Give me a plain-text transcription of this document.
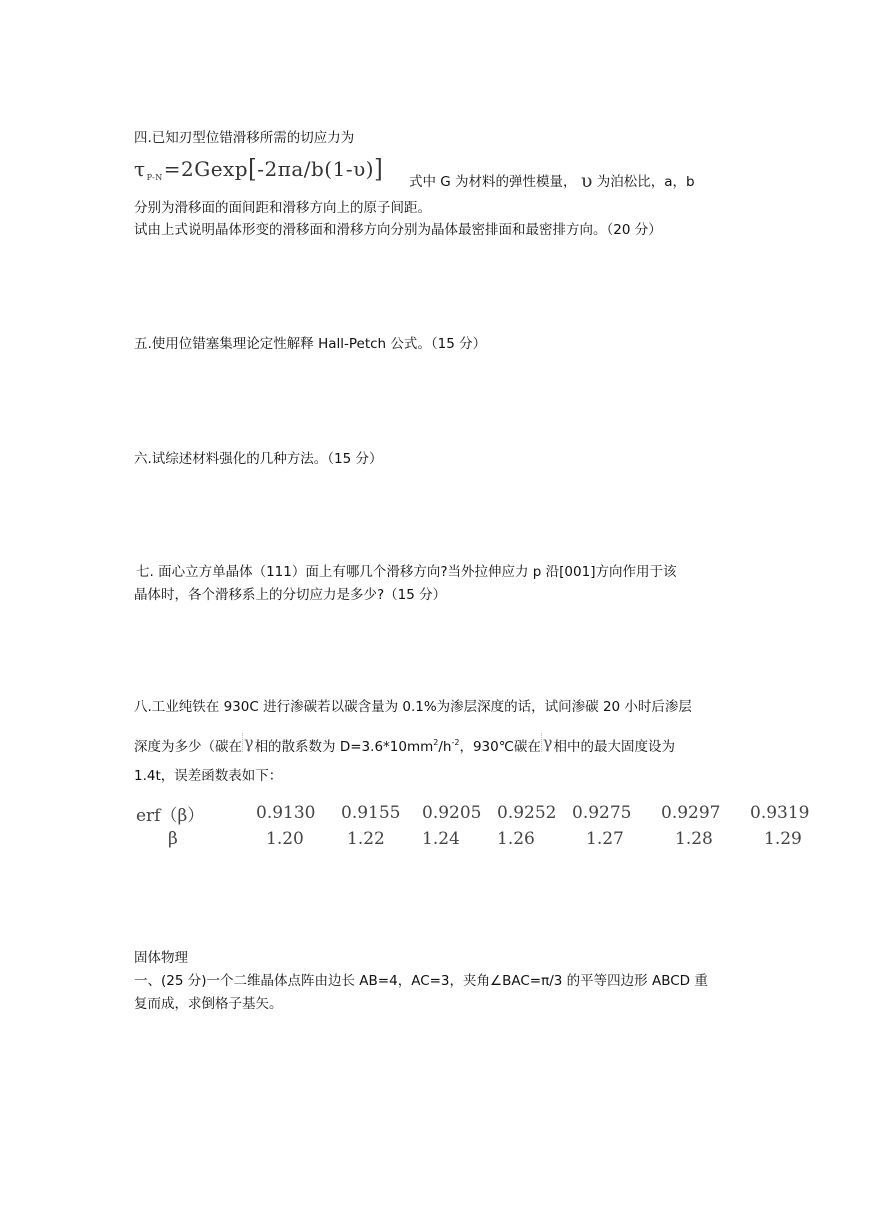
四.已知刃型位错滑移所需的切应力为
$\tau_{P-N}=2Gexp[-2\pi a/b(1-\upsilon)]$ 式中 G 为材料的弹性模量， υ 为泊松比，a，b
分别为滑移面的面间距和滑移方向上的原子间距。
试由上式说明晶体形变的滑移面和滑移方向分别为晶体最密排面和最密排方向。（20 分）
五.使用位错塞集理论定性解释 Hall-Petch 公式。（15 分）
六.试综述材料强化的几种方法。（15 分）
七. 面心立方单晶体（111）面上有哪几个滑移方向?当外拉伸应力 p 沿[001]方向作用于该
晶体时，各个滑移系上的分切应力是多少?（15 分）
八.工业纯铁在 930C 进行渗碳若以碳含量为 0.1%为渗层深度的话，试问渗碳 20 小时后渗层
深度为多少（碳在 γ相的散系数为 $D=3.6*10mm^2/h^{-2}$，930℃碳在 γ相中的最大固度设为
1.4t，误差函数表如下：
erf（β）	0.9130	0.9155	0.9205	0.9252	0.9275	0.9297	0.9319
β	1.20	1.22	1.24	1.26	1.27	1.28	1.29
固体物理
一、(25 分)一个二维晶体点阵由边长 AB=4，AC=3，夹角∠BAC=π/3 的平等四边形 ABCD 重
复而成，求倒格子基矢。
